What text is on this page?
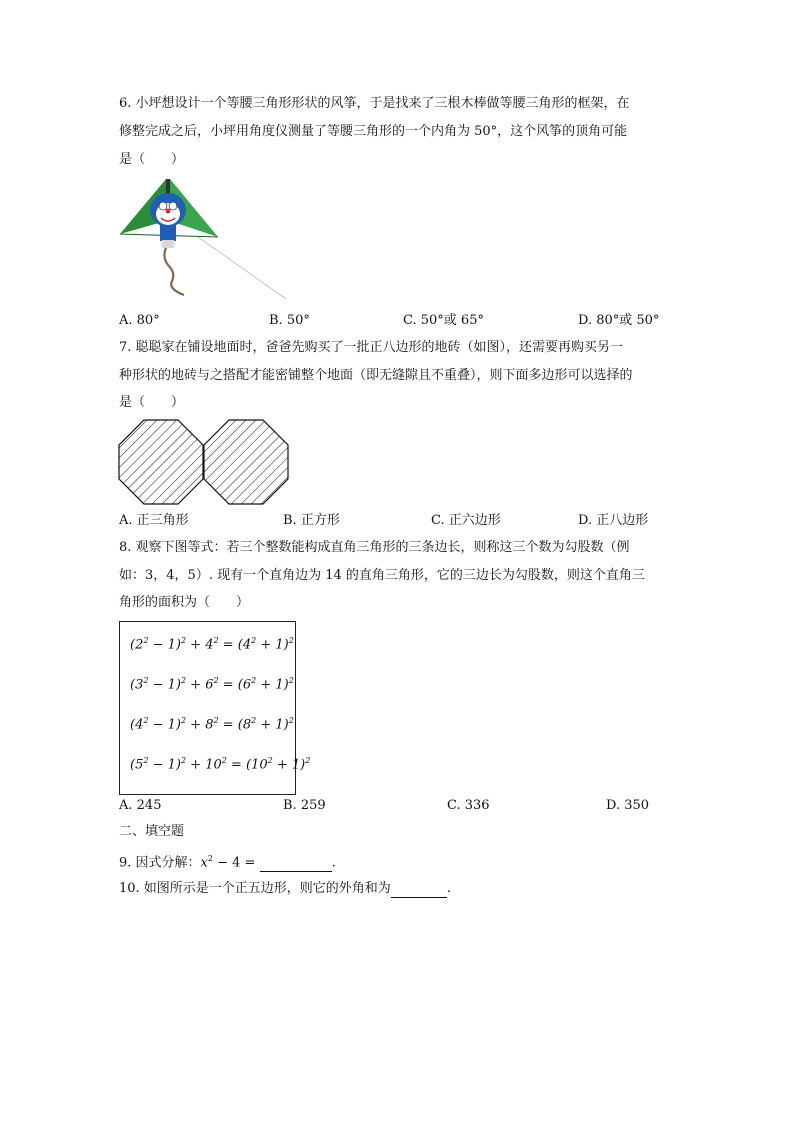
6. 小坪想设计一个等腰三角形形状的风筝，于是找来了三根木棒做等腰三角形的框架，在
修整完成之后，小坪用角度仪测量了等腰三角形的一个内角为 50°，这个风筝的顶角可能
是（　　）
A. 80°	B. 50°	C. 50°或 65°	D. 80°或 50°
7. 聪聪家在铺设地面时，爸爸先购买了一批正八边形的地砖（如图），还需要再购买另一
种形状的地砖与之搭配才能密铺整个地面（即无缝隙且不重叠），则下面多边形可以选择的
是（　　）
A. 正三角形	B. 正方形	C. 正六边形	D. 正八边形
8. 观察下图等式：若三个整数能构成直角三角形的三条边长，则称这三个数为勾股数（例
如：3，4，5）. 现有一个直角边为 14 的直角三角形，它的三边长为勾股数，则这个直角三
角形的面积为（　　）
$(2^2 - 1)^2 + 4^2 = (4^2 + 1)^2$
$(3^2 - 1)^2 + 6^2 = (6^2 + 1)^2$
$(4^2 - 1)^2 + 8^2 = (8^2 + 1)^2$
$(5^2 - 1)^2 + 10^2 = (10^2 + 1)^2$
A. 245	B. 259	C. 336	D. 350
二、填空题
9. 因式分解：$x^2 - 4$ =	.
10. 如图所示是一个正五边形，则它的外角和为	.
